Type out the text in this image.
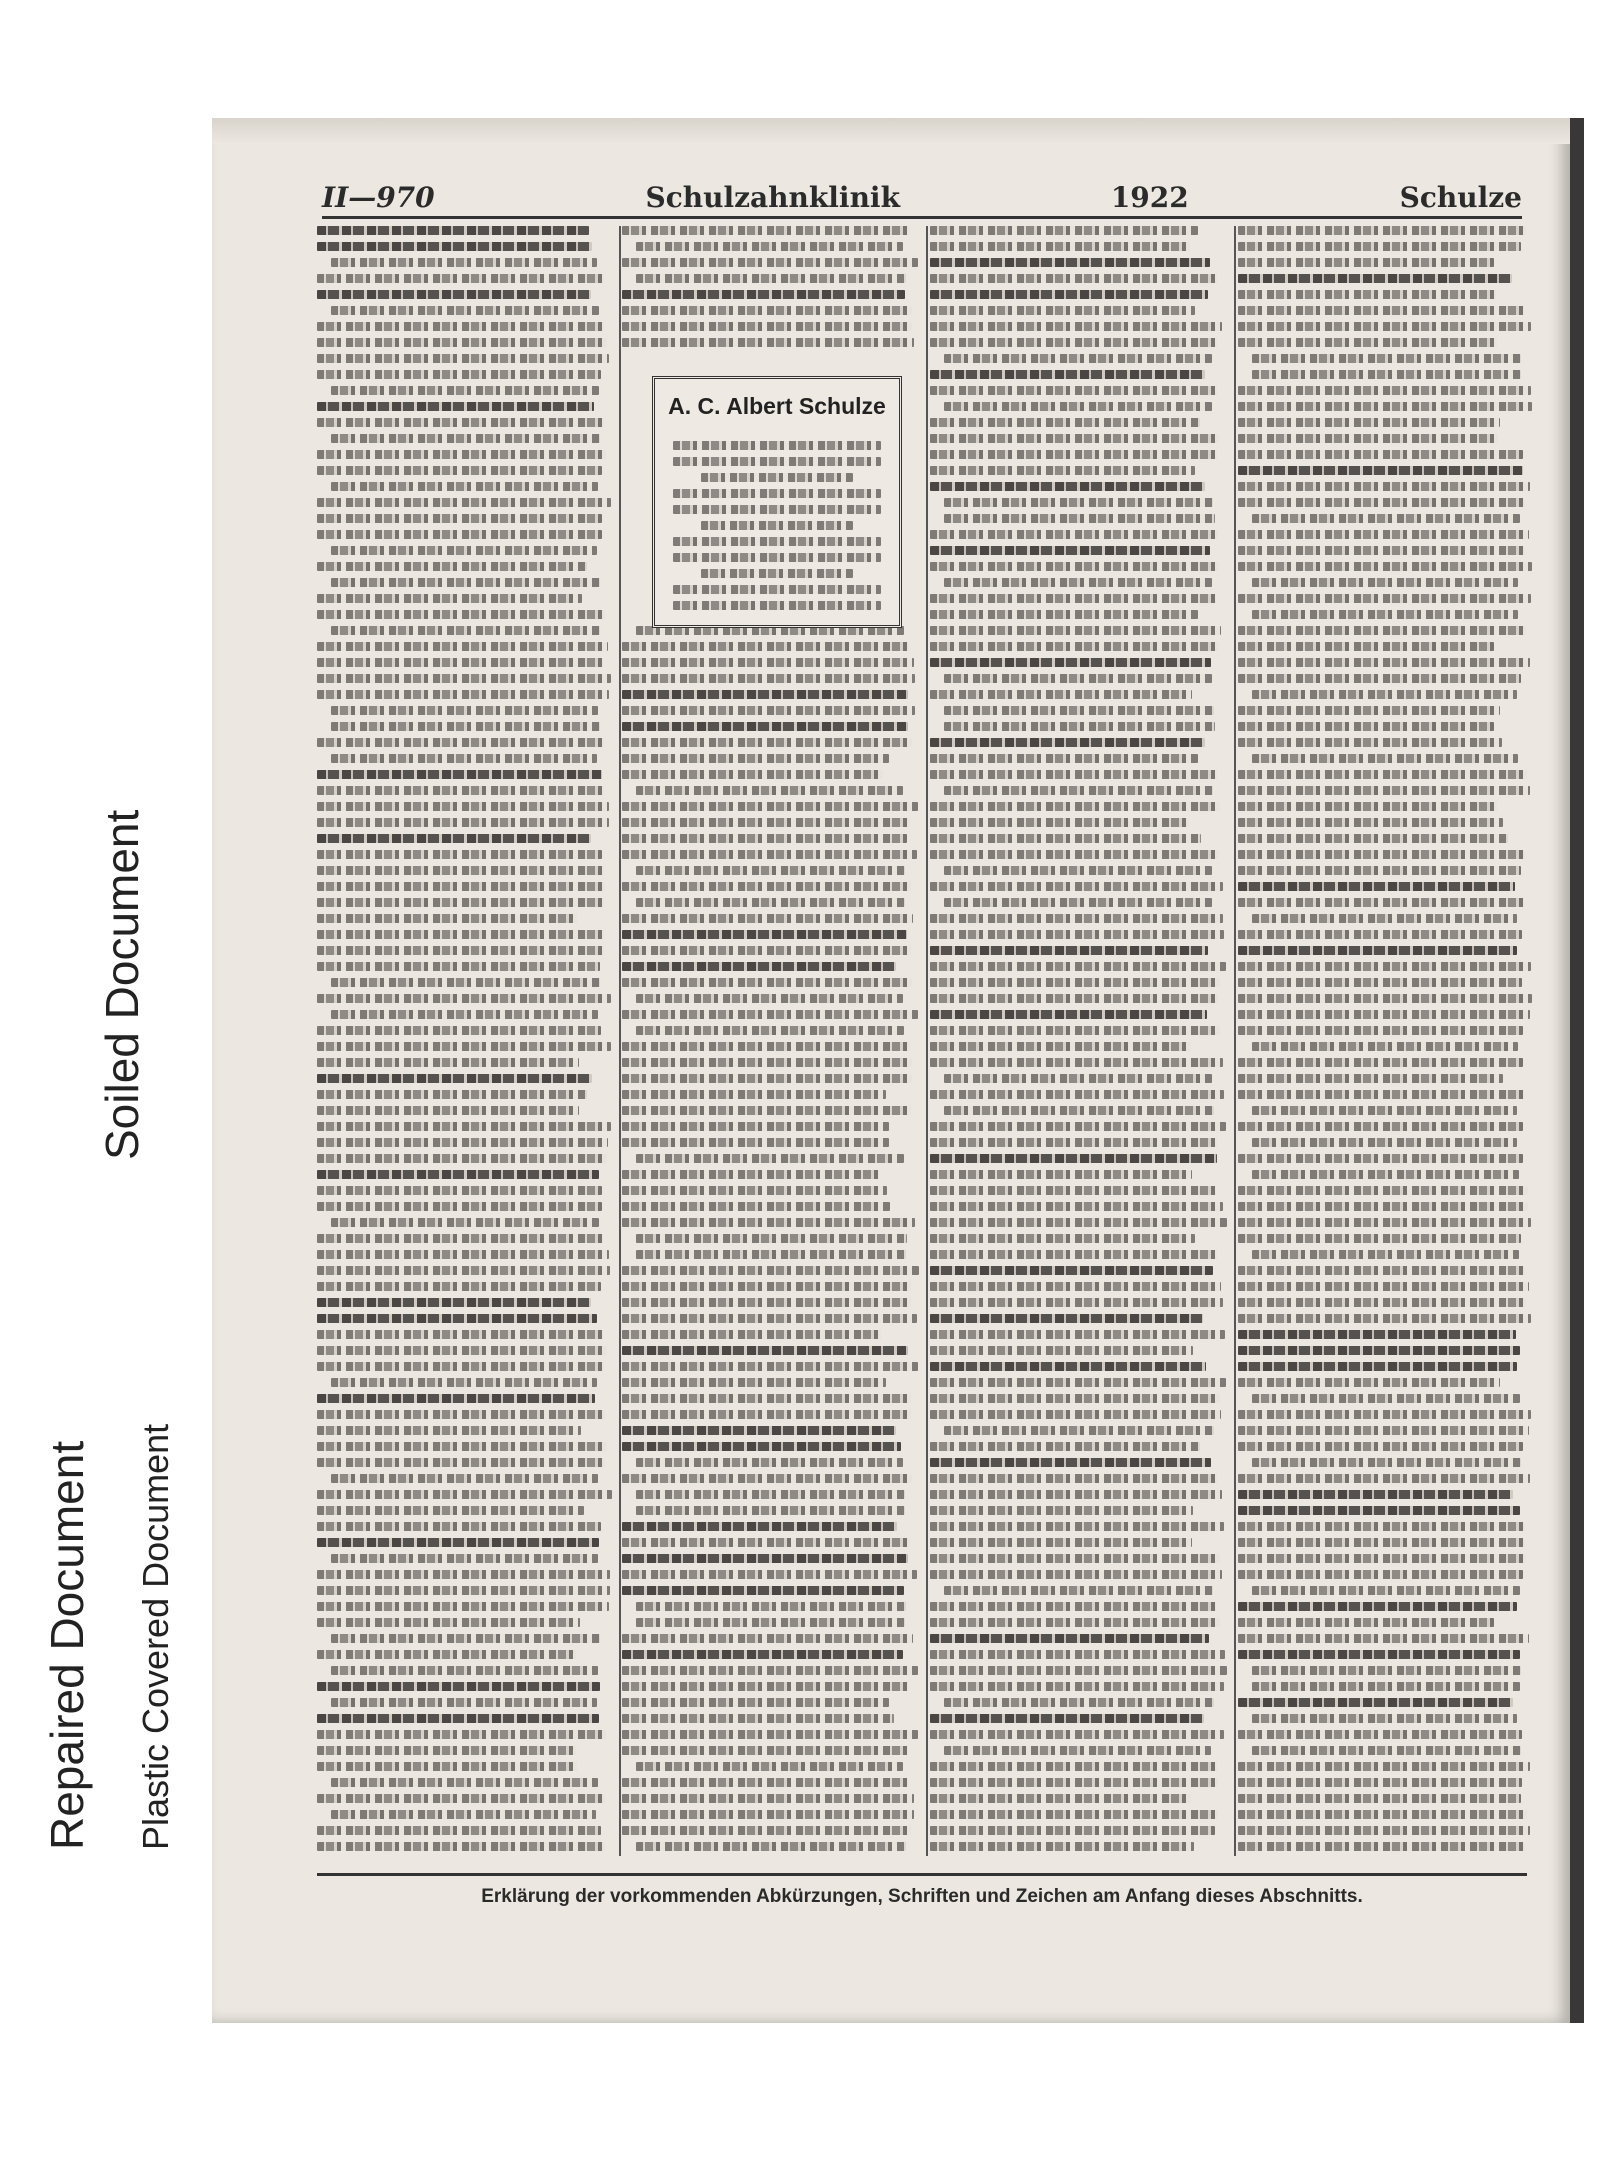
Soiled Document
Repaired Document Plastic Covered Document
II—970	Schulzahnklinik	1922	Schulze
A. C. Albert Schulze
Erklärung der vorkommenden Abkürzungen, Schriften und Zeichen am Anfang dieses Abschnitts.
